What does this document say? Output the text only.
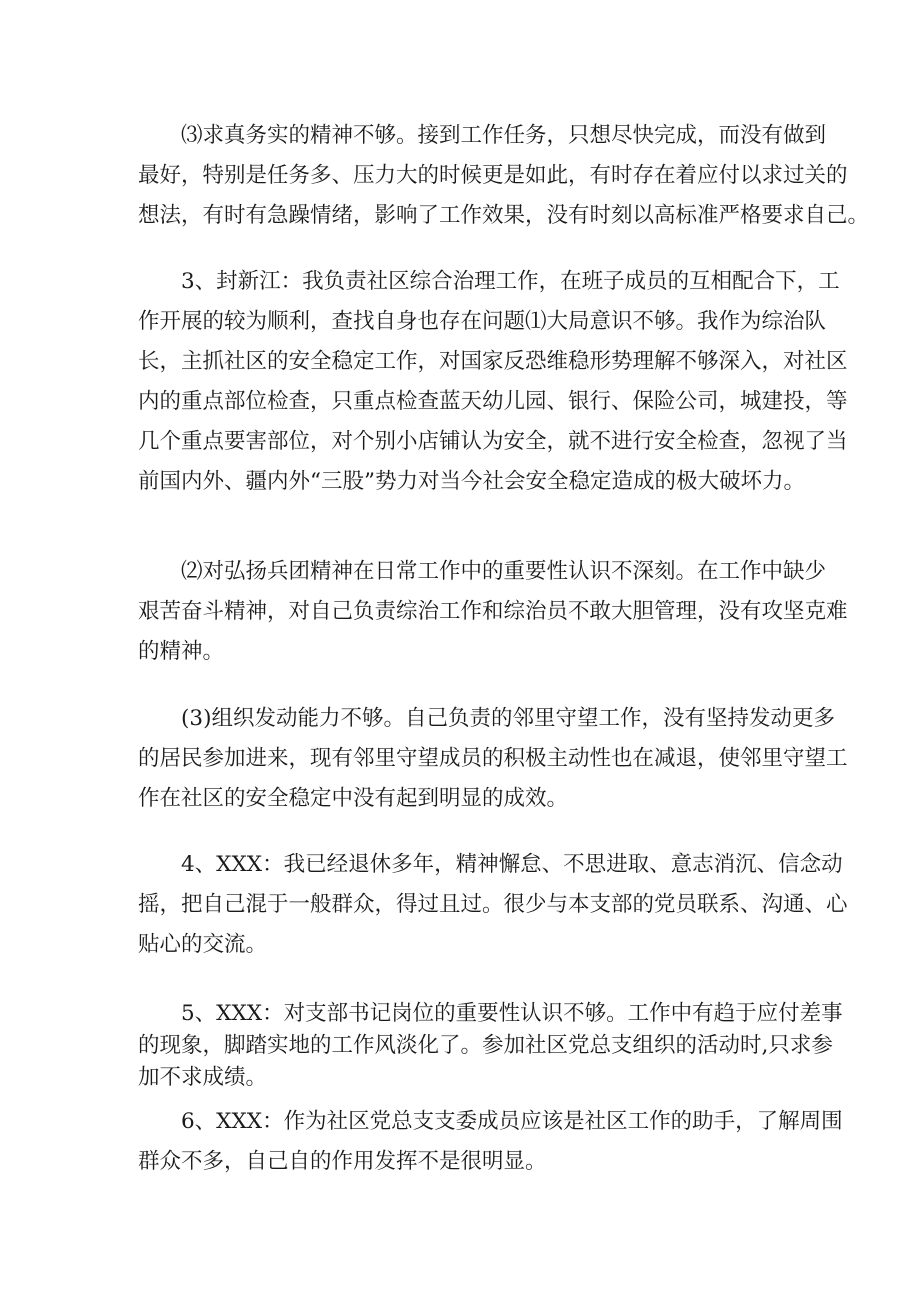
⑶求真务实的精神不够。接到工作任务，只想尽快完成，而没有做到
最好，特别是任务多、压力大的时候更是如此，有时存在着应付以求过关的
想法，有时有急躁情绪，影响了工作效果，没有时刻以高标准严格要求自己。
3、封新江：我负责社区综合治理工作，在班子成员的互相配合下，工
作开展的较为顺利，查找自身也存在问题⑴大局意识不够。我作为综治队
长，主抓社区的安全稳定工作，对国家反恐维稳形势理解不够深入，对社区
内的重点部位检查，只重点检查蓝天幼儿园、银行、保险公司，城建投，等
几个重点要害部位，对个别小店铺认为安全，就不进行安全检查，忽视了当
前国内外、疆内外“三股”势力对当今社会安全稳定造成的极大破坏力。
⑵对弘扬兵团精神在日常工作中的重要性认识不深刻。在工作中缺少
艰苦奋斗精神，对自己负责综治工作和综治员不敢大胆管理，没有攻坚克难
的精神。
(3)组织发动能力不够。自己负责的邻里守望工作，没有坚持发动更多
的居民参加进来，现有邻里守望成员的积极主动性也在减退，使邻里守望工
作在社区的安全稳定中没有起到明显的成效。
4、XXX：我已经退休多年，精神懈怠、不思进取、意志消沉、信念动
摇，把自己混于一般群众，得过且过。很少与本支部的党员联系、沟通、心
贴心的交流。
5、XXX：对支部书记岗位的重要性认识不够。工作中有趋于应付差事
的现象，脚踏实地的工作风淡化了。参加社区党总支组织的活动时,只求参
加不求成绩。
6、XXX：作为社区党总支支委成员应该是社区工作的助手，了解周围
群众不多，自己自的作用发挥不是很明显。
